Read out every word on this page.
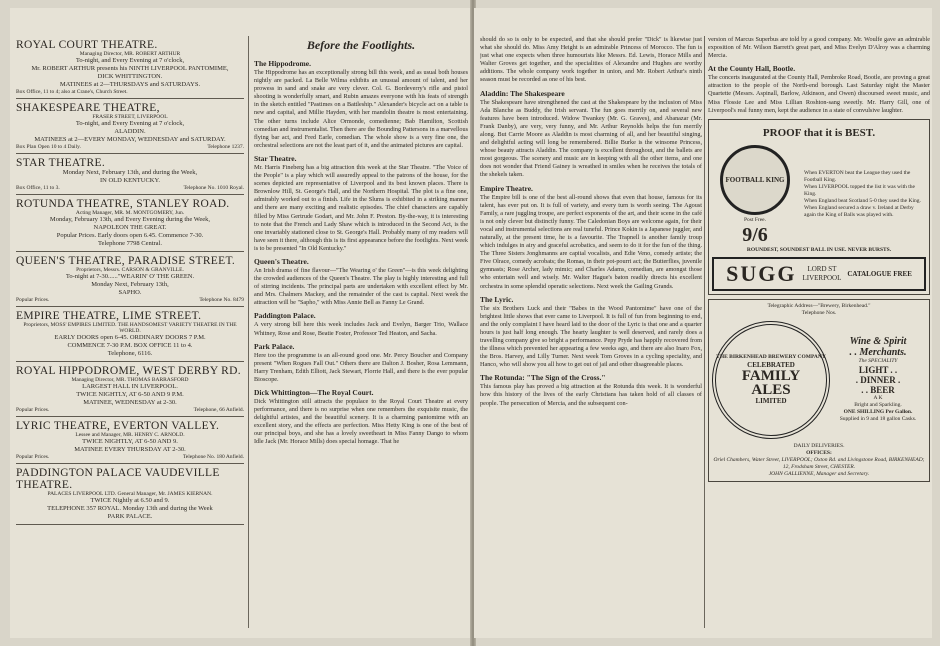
ROYAL COURT THEATRE.
Managing Director, MR. ROBERT ARTHUR
To-night, and Every Evening at 7 o'clock,
Mr. ROBERT ARTHUR presents his NINTH LIVERPOOL PANTOMIME,
DICK WHITTINGTON.
MATINEES at 2—THURSDAYS and SATURDAYS.
Box Office, 11 to 4; also at Crane's, Church Street.
SHAKESPEARE THEATRE,
FRASER STREET, LIVERPOOL
To-night, and Every Evening at 7 o'clock,
ALADDIN.
MATINEES at 2—EVERY MONDAY, WEDNESDAY and SATURDAY.
Box Plan Open 10 to 4 Daily.	Telephone 1237.
STAR THEATRE.
Monday Next, February 13th, and during the Week,
IN OLD KENTUCKY.
Box Office, 11 to 3.	Telephone No. 1010 Royal.
ROTUNDA THEATRE, STANLEY ROAD.
Acting Manager, MR. M. MONTGOMERY, Jun.
Monday, February 13th, and Every Evening during the Week,
NAPOLEON THE GREAT.
Popular Prices. Early doors open 6.45. Commence 7-30.
Telephone 7798 Central.
QUEEN'S THEATRE, PARADISE STREET.
Proprietors, Messrs. CARSON & GRANVILLE.
To-night at 7-30......"WEARIN' O' THE GREEN.
Monday Next, February 13th,
SAPHO.
Popular Prices.	Telephone No. 8479
EMPIRE THEATRE, LIME STREET.
Proprietors, MOSS' EMPIRES LIMITED. THE HANDSOMEST VARIETY THEATRE IN THE WORLD.
EARLY DOORS open 6-45. ORDINARY DOORS 7 P.M.
COMMENCE 7-30 P.M. BOX OFFICE 11 to 4.
Telephone, 6116.
ROYAL HIPPODROME, WEST DERBY RD.
Managing Director, MR. THOMAS BARRASFORD
LARGEST HALL IN LIVERPOOL.
TWICE NIGHTLY, AT 6-50 AND 9 P.M.
MATINEE, WEDNESDAY at 2-30.
Popular Prices.	Telephone, 66 Anfield.
LYRIC THEATRE, EVERTON VALLEY.
Lessee and Manager, MR. HENRY C. ARNOLD.
TWICE NIGHTLY, AT 6-50 AND 9.
MATINEE EVERY THURSDAY AT 2-30.
Popular Prices.	Telephone No. 180 Anfield.
PADDINGTON PALACE VAUDEVILLE THEATRE.
PALACES LIVERPOOL LTD. General Manager, Mr. JAMES KIERNAN.
TWICE Nightly at 6.50 and 9.
TELEPHONE 357 ROYAL. Monday 13th and during the Week
PARK PALACE.
Before the Footlights.
The Hippodrome.
The Hippodrome has an exceptionally strong bill this week, and as usual both houses nightly are packed. La Belle Wilma exhibits an unusual amount of talent, and her prowess in sand and snake are very clever. Col. G. Bordeverry's rifle and pistol shooting is wonderfully smart, and Rubin amazes everyone with his feats of strength in the sketch entitled "Pastimes on a Battleship." Alexander's bicycle act on a table is new and capital, and Millie Hayden, with her mandolin theatre is most entertaining. The other turns include Alice Ormonde, comedienne; Bab Hamilton, Scottish comedian and instrumentalist. Then there are the Bounding Pattersons in a marvellous flying bar act, and Fred Earle, comedian. The whole show is a very fine one, the orchestral selections are not the least part of it, and the animated pictures are capital.
Star Theatre.
Mr. Harris Fineberg has a big attraction this week at the Star Theatre. "The Voice of the People" is a play which will assuredly appeal to the patrons of the house, for the scenes depicted are representative of Liverpool and its best known places. There is Brownlow Hill, St. George's Hall, and the Northern Hospital. The plot is a fine one, admirably worked out to a finish. Life in the Slums is exhibited in a striking manner and there are many exciting and realistic episodes. The chief characters are capably filled by Miss Gertrude Godart, and Mr. John F. Preston. By-the-way, it is interesting to note that the French and Lady Shaw which is introduced in the Second Act, is the one invariably stationed close to St. George's Hall. Probably many of my readers will have seen it there, although this is its first appearance before the footlights. Next week is to be presented "In Old Kentucky."
Queen's Theatre.
An Irish drama of fine flavour—"The Wearing o' the Green"—is this week delighting the crowded audiences of the Queen's Theatre. The play is highly interesting and full of stirring incidents. The principal parts are undertaken with excellent effect by Mr. and Mrs. Chalmers Mackey, and the remainder of the cast is capital. Next week the attraction will be "Sapho," with Miss Annie Bell as Fanny Le Grand.
Paddington Palace.
A very strong bill here this week includes Jack and Evelyn, Barger Trio, Wallace Whitney, Rose and Rose, Beatie Foster, Professor Ted Heaton, and Sacha.
Park Palace.
Here too the programme is an all-round good one. Mr. Percy Boucher and Company present "When Rogues Fall Out." Others there are Dalton J. Bosher, Rosa Lemmann, Harry Trenham, Edith Elliott, Jack Stewart, Florrie Hall, and there is the ever popular Bioscope.
Dick Whittington—The Royal Court.
Dick Whittington still attracts the populace to the Royal Court Theatre at every performance, and there is no surprise when one remembers the exquisite music, the delightful artistes, and the beautiful scenery. It is a charming pantomime with an excellent story, and the effects are perfection. Miss Hetty King is one of the best of our principal boys, and she has a lovely sweetheart in Miss Fanny Dango to whom Idle Jack (Mr. Horace Mills) does special homage. That he
should do so is only to be expected, and that she should prefer "Dick" is likewise just what she should do. Miss Amy Height is an admirable Princess of Morocco. The fun is just what one expects when three humourists like Messrs. Ed. Lewis, Horace Mills and Walter Groves get together, and the specialities of Alexandre and Hughes are worthy additions. The whole company work together in union, and Mr. Robert Arthur's ninth season must be recorded as one of his best.
Aladdin: The Shakespeare
The Shakespeare have strengthened the cast at the Shakespeare by the inclusion of Miss Ada Blanche as Buddy, the Irish servant. The fun goes merrily on, and several new features have been introduced. Widow Twankey (Mr. G. Graves), and Abanazar (Mr. Frank Danby), are very, very funny, and Mr. Arthur Reynolds helps the fun merrily along. But Carrie Moore as Aladdin is most charming of all, and her beautiful singing, and delightful acting will long be remembered. Billie Burke is the winsome Princess, whose beauty attracts Aladdin. The company is excellent throughout, and the ballets are most gorgeous. The scenery and music are in keeping with all the other items, and one does not wonder that Friend Gainey is wreathed in smiles when he receives the totals of the shekels taken.
Empire Theatre.
The Empire bill is one of the best all-round shows that even that house, famous for its talent, has ever put on. It is full of variety, and every turn is worth seeing. The Agoust Family, a rare juggling troupe, are perfect exponents of the art, and their scene in the café is not only clever but distinctly funny. The Caledonian Boys are welcome again, for their vocal and instrumental selections are real tuneful. Prince Kokin is a Japanese juggler, and naturally, at the present time, he is a favourite. The Trapnell is another family troup which indulges in airy and graceful acrobatics, and seem to do it for the fun of the thing. The Three Sisters Jonghmanns are capital vocalists, and Edie Veno, comedy artiste; the Five Olrace, comedy acrobats; the Romas, in their pot-pourri act; the Butterflies, juvenile gymnasts; Rose Archer, lady mimic; and Charles Adams, comedian, are amongst those who entertain well and wisely. Mr. Walter Hague's baton readily directs his excellent orchestra in some splendid operatic selections. Next week the Gailing Grands.
The Lyric.
The six Brothers Luck and their "Babes in the Wood Pantomime" have one of the brightest little shows that ever came to Liverpool. It is full of fun from beginning to end, and the only complaint I have heard laid to the door of the Lyric is that one and a quarter hours is just half long enough. The hearty laughter is well deserved, and rarely does a travelling company give so bright a performance. Pepy Pryde has happily recovered from the illness which prevented her appearing a few weeks ago, and there are also Inaro Fox, the Bros. Harvey, and Lilly Turner. Next week Tom Groves in a cycling speciality, and Hanco, who will show you all how to get out of jail and other disagreeable places.
The Rotunda: "The Sign of the Cross."
This famous play has proved a big attraction at the Rotunda this week. It is wonderful how this history of the lives of the early Christians has taken hold of all classes of people. The persecution of Mercia, and the subsequent con-
version of Marcus Superbus are told by a good company. Mr. Woulfe gave an admirable exposition of Mr. Wilson Barrett's great part, and Miss Evelyn D'Alroy was a charming Mercia.
At the County Hall, Bootle.
The concerts inaugurated at the County Hall, Pembroke Road, Bootle, are proving a great attraction to the people of the North-end borough. Last Saturday night the Master Quartette (Messrs. Aspinall, Barlow, Atkinson, and Owen) discoursed sweet music, and Miss Flossie Lee and Miss Lillian Roshton-sang sweetly. Mr. Harry Gill, one of Liverpool's real funny men, kept the audience in a state of convulsive laughter.
PROOF that it is BEST.
FOOTBALL KING
Post Free.
9/6
When EVERTON beat the League they used the Football King.
When LIVERPOOL topped the list it was with the King.
When England beat Scotland 5-0 they used the King.
When England secured a draw v. Ireland at Derby again the King of Balls was played with.
ROUNDEST, SOUNDEST BALL IN USE. NEVER BURSTS.
SUGG	LORD ST
LIVERPOOL CATALOGUE FREE
Telegraphic Address—"Brewery, Birkenhead."
Telephone Nos.
THE BIRKENHEAD BREWERY COMPANY
CELEBRATED
FAMILY
ALES
LIMITED
Wine & Spirit
. . Merchants.
The SPECIALITY
LIGHT . .
. DINNER .
. . BEER
A K
Bright and Sparkling.
ONE SHILLING Per Gallon.
Supplied in 9 and 18 gallon Casks.
DAILY DELIVERIES.
OFFICES:
Oriel Chambers, Water Street, LIVERPOOL; Oxton Rd. and Livingstone Road, BIRKENHEAD; 12, Frodsham Street, CHESTER.
JOHN GALLIENNE, Manager and Secretary.
